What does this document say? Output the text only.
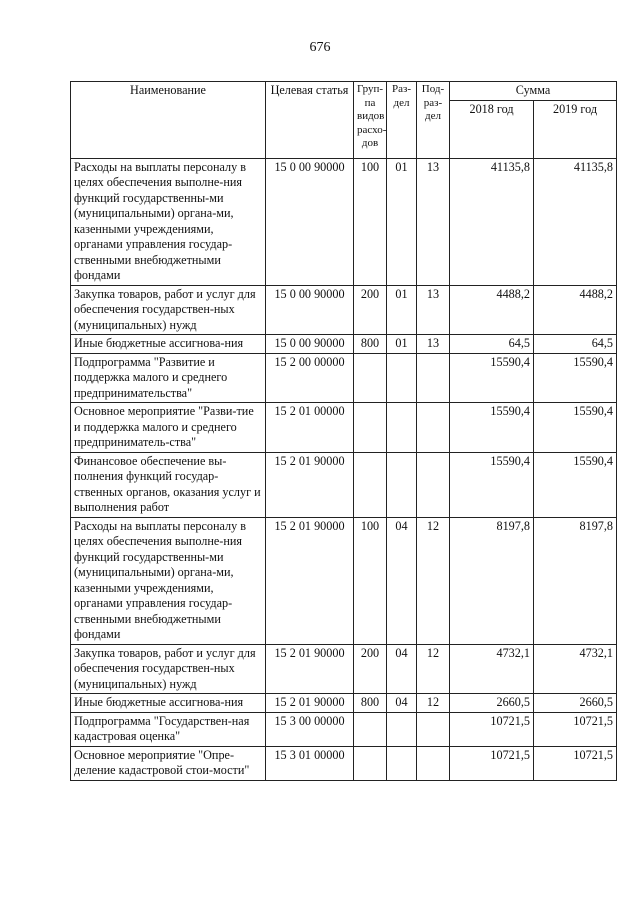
676
Наименование	Целевая статья	Груп-па видов расхо-дов	Раз-дел	Под-раз-дел	Сумма	
					2018 год	2019 год
Расходы на выплаты персоналу в целях обеспечения выполне-ния функций государственны-ми (муниципальными) органа-ми, казенными учреждениями, органами управления государ-ственными внебюджетными фондами	15 0 00 90000	100	01	13	41135,8	41135,8
Закупка товаров, работ и услуг для обеспечения государствен-ных (муниципальных) нужд	15 0 00 90000	200	01	13	4488,2	4488,2
Иные бюджетные ассигнова-ния	15 0 00 90000	800	01	13	64,5	64,5
Подпрограмма "Развитие и поддержка малого и среднего предпринимательства"	15 2 00 00000				15590,4	15590,4
Основное мероприятие "Разви-тие и поддержка малого и среднего предприниматель-ства"	15 2 01 00000				15590,4	15590,4
Финансовое обеспечение вы-полнения функций государ-ственных органов, оказания услуг и выполнения работ	15 2 01 90000				15590,4	15590,4
Расходы на выплаты персоналу в целях обеспечения выполне-ния функций государственны-ми (муниципальными) органа-ми, казенными учреждениями, органами управления государ-ственными внебюджетными фондами	15 2 01 90000	100	04	12	8197,8	8197,8
Закупка товаров, работ и услуг для обеспечения государствен-ных (муниципальных) нужд	15 2 01 90000	200	04	12	4732,1	4732,1
Иные бюджетные ассигнова-ния	15 2 01 90000	800	04	12	2660,5	2660,5
Подпрограмма "Государствен-ная кадастровая оценка"	15 3 00 00000				10721,5	10721,5
Основное мероприятие "Опре-деление кадастровой стои-мости"	15 3 01 00000				10721,5	10721,5
